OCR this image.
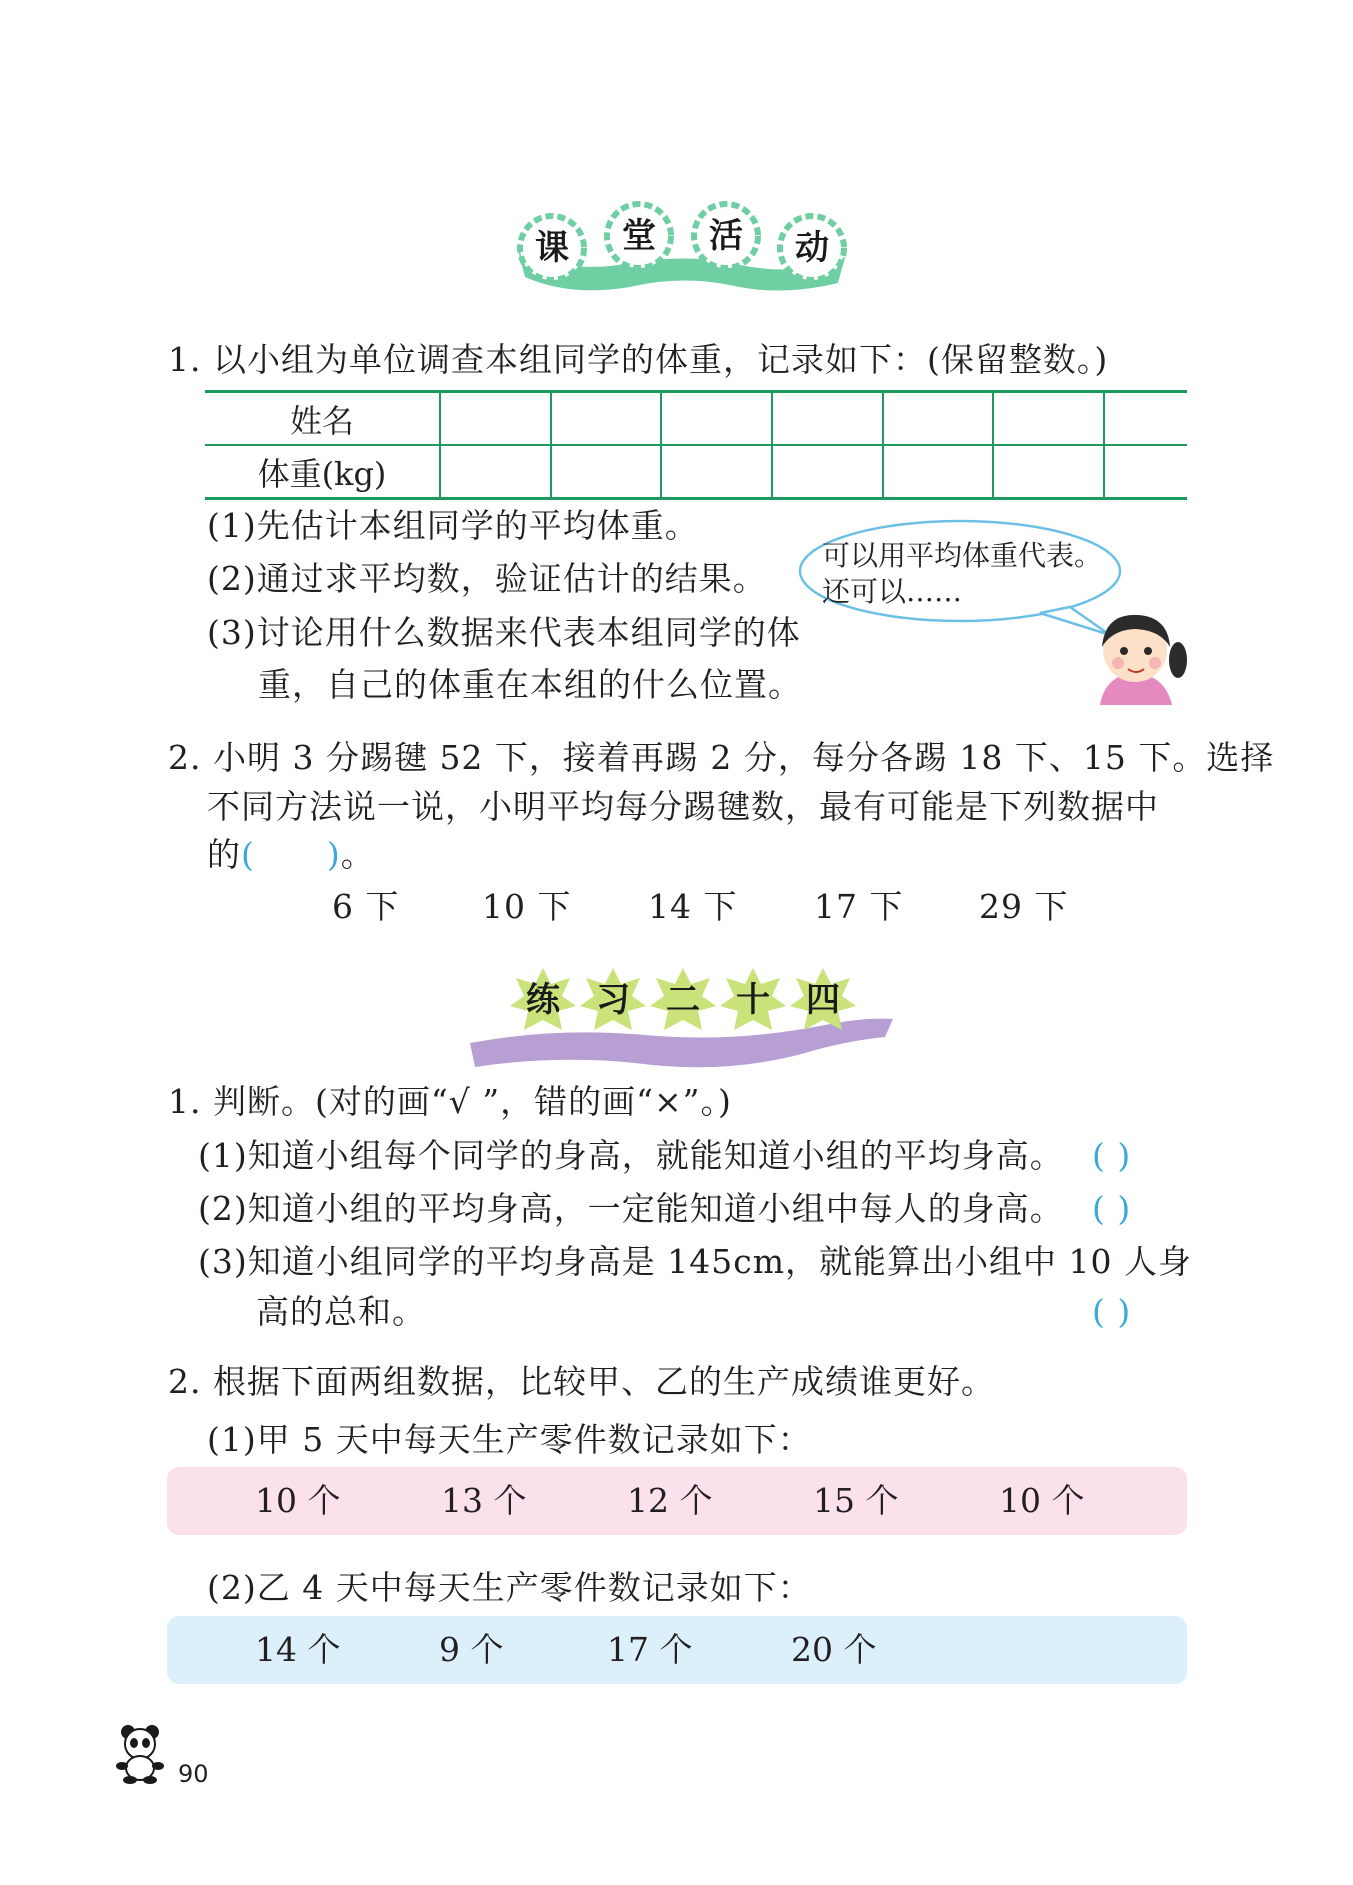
课	堂	活	动
1. 以小组为单位调查本组同学的体重，记录如下：(保留整数。)
姓名							
体重(kg)							
(1)先估计本组同学的平均体重。
(2)通过求平均数，验证估计的结果。
(3)讨论用什么数据来代表本组同学的体
重，自己的体重在本组的什么位置。
可以用平均体重代表。
还可以……
2. 小明 3 分踢毽 52 下，接着再踢 2 分，每分各踢 18 下、15 下。选择
不同方法说一说，小明平均每分踢毽数，最有可能是下列数据中
的( )。
6 下	10 下 14 下 17 下 29 下
练	习	二	十	四
1. 判断。(对的画“√ ”，错的画“×”。)
(1)知道小组每个同学的身高，就能知道小组的平均身高。 ( )
(2)知道小组的平均身高，一定能知道小组中每人的身高。 ( )
(3)知道小组同学的平均身高是 145cm，就能算出小组中 10 人身
高的总和。	( )
2. 根据下面两组数据，比较甲、乙的生产成绩谁更好。
(1)甲 5 天中每天生产零件数记录如下：
10 个	13 个	12 个	15 个	10 个
(2)乙 4 天中每天生产零件数记录如下：
14 个	9 个	17 个	20 个
90
